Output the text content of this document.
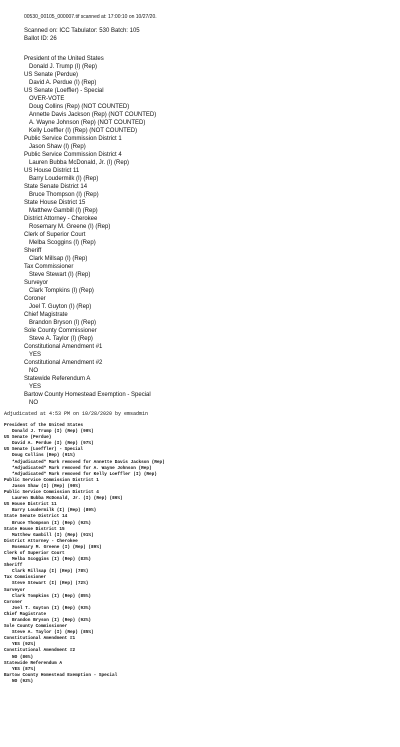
00530_00105_000007.tif scanned at: 17:00:10 on 10/27/20.
Scanned on: ICC Tabulator: 530 Batch: 105
Ballot ID: 26
President of the United States
Donald J. Trump (I) (Rep)
US Senate (Perdue)
David A. Perdue (I) (Rep)
US Senate (Loeffler) - Special
OVER-VOTE
Doug Collins (Rep) (NOT COUNTED)
Annette Davis Jackson (Rep) (NOT COUNTED)
A. Wayne Johnson (Rep) (NOT COUNTED)
Kelly Loeffler (I) (Rep) (NOT COUNTED)
Public Service Commission District 1
Jason Shaw (I) (Rep)
Public Service Commission District 4
Lauren Bubba McDonald, Jr. (I) (Rep)
US House District 11
Barry Loudermilk (I) (Rep)
State Senate District 14
Bruce Thompson (I) (Rep)
State House District 15
Matthew Gambill (I) (Rep)
District Attorney - Cherokee
Rosemary M. Greene (I) (Rep)
Clerk of Superior Court
Melba Scoggins (I) (Rep)
Sheriff
Clark Millsap (I) (Rep)
Tax Commissioner
Steve Stewart (I) (Rep)
Surveyor
Clark Tompkins (I) (Rep)
Coroner
Joel T. Guyton (I) (Rep)
Chief Magistrate
Brandon Bryson (I) (Rep)
Sole County Commissioner
Steve A. Taylor (I) (Rep)
Constitutional Amendment #1
YES
Constitutional Amendment #2
NO
Statewide Referendum A
YES
Bartow County Homestead Exemption - Special
NO
Adjudicated at 4:53 PM on 10/28/2020 by emsadmin
President of the United States
Donald J. Trump (I) (Rep) (90%)
US Senate (Perdue)
David A. Perdue (I) (Rep) (97%)
US Senate (Loeffler) - Special
Doug Collins (Rep) (91%)
*Adjudicated* Mark removed for Annette Davis Jackson (Rep)
*Adjudicated* Mark removed for A. Wayne Johnson (Rep)
*Adjudicated* Mark removed for Kelly Loeffler (I) (Rep)
Public Service Commission District 1
Jason Shaw (I) (Rep) (90%)
Public Service Commission District 4
Lauren Bubba McDonald, Jr. (I) (Rep) (86%)
US House District 11
Barry Loudermilk (I) (Rep) (89%)
State Senate District 14
Bruce Thompson (I) (Rep) (92%)
State House District 15
Matthew Gambill (I) (Rep) (91%)
District Attorney - Cherokee
Rosemary M. Greene (I) (Rep) (89%)
Clerk of Superior Court
Melba Scoggins (I) (Rep) (83%)
Sheriff
Clark Millsap (I) (Rep) (78%)
Tax Commissioner
Steve Stewart (I) (Rep) (72%)
Surveyor
Clark Tompkins (I) (Rep) (85%)
Coroner
Joel T. Guyton (I) (Rep) (93%)
Chief Magistrate
Brandon Bryson (I) (Rep) (92%)
Sole County Commissioner
Steve A. Taylor (I) (Rep) (85%)
Constitutional Amendment #1
YES (92%)
Constitutional Amendment #2
NO (86%)
Statewide Referendum A
YES (87%)
Bartow County Homestead Exemption - Special
NO (92%)
